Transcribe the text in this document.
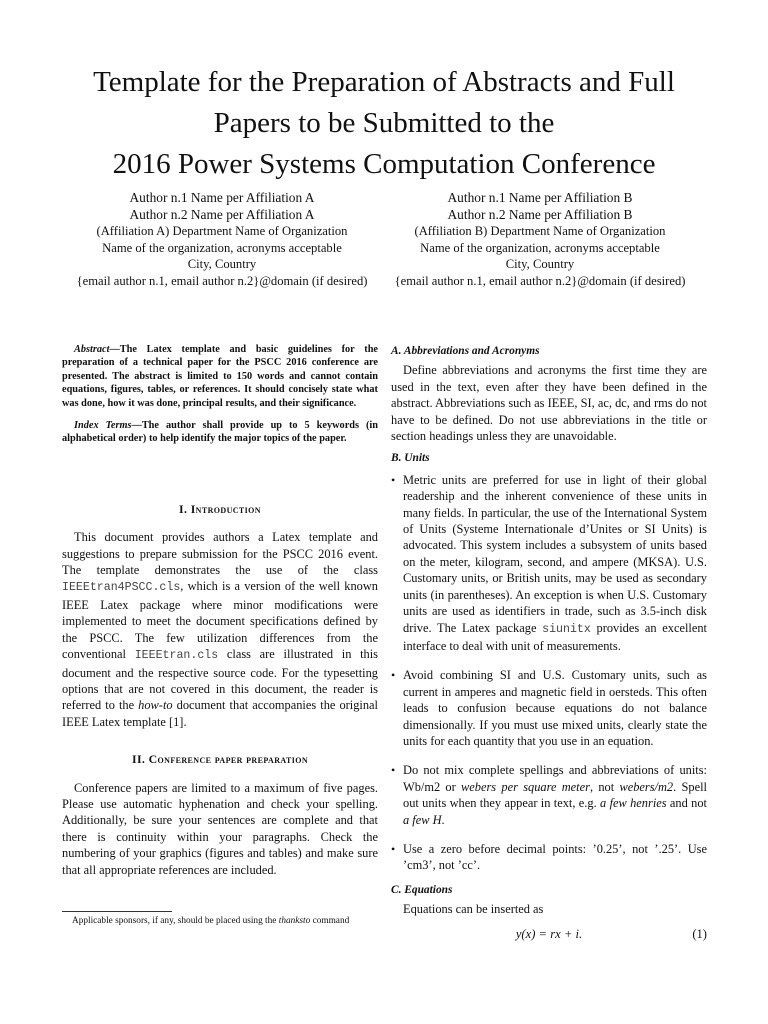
Template for the Preparation of Abstracts and Full
Papers to be Submitted to the
2016 Power Systems Computation Conference
Author n.1 Name per Affiliation A
Author n.2 Name per Affiliation A
(Affiliation A) Department Name of Organization
Name of the organization, acronyms acceptable
City, Country
{email author n.1, email author n.2}@domain (if desired)
Author n.1 Name per Affiliation B
Author n.2 Name per Affiliation B
(Affiliation B) Department Name of Organization
Name of the organization, acronyms acceptable
City, Country
{email author n.1, email author n.2}@domain (if desired)

Abstract—The Latex template and basic guidelines for the preparation of a technical paper for the PSCC 2016 conference are presented. The abstract is limited to 150 words and cannot contain equations, figures, tables, or references. It should concisely state what was done, how it was done, principal results, and their significance.

Index Terms—The author shall provide up to 5 keywords (in alphabetical order) to help identify the major topics of the paper.

I. Introduction

This document provides authors a Latex template and suggestions to prepare submission for the PSCC 2016 event. The template demonstrates the use of the class IEEEtran4PSCC.cls, which is a version of the well known IEEE Latex package where minor modifications were implemented to meet the document specifications defined by the PSCC. The few utilization differences from the conventional IEEEtran.cls class are illustrated in this document and the respective source code. For the typesetting options that are not covered in this document, the reader is referred to the how-to document that accompanies the original IEEE Latex template [1].

II. Conference paper preparation

Conference papers are limited to a maximum of five pages. Please use automatic hyphenation and check your spelling. Additionally, be sure your sentences are complete and that there is continuity within your paragraphs. Check the numbering of your graphics (figures and tables) and make sure that all appropriate references are included.

Applicable sponsors, if any, should be placed using the thanksto command
A. Abbreviations and Acronyms

Define abbreviations and acronyms the first time they are used in the text, even after they have been defined in the abstract. Abbreviations such as IEEE, SI, ac, dc, and rms do not have to be defined. Do not use abbreviations in the title or section headings unless they are unavoidable.

B. Units
• Metric units are preferred for use in light of their global readership and the inherent convenience of these units in many fields. In particular, the use of the International System of Units (Systeme Internationale d’Unites or SI Units) is advocated. This system includes a subsystem of units based on the meter, kilogram, second, and ampere (MKSA). U.S. Customary units, or British units, may be used as secondary units (in parentheses). An exception is when U.S. Customary units are used as identifiers in trade, such as 3.5-inch disk drive. The Latex package siunitx provides an excellent interface to deal with unit of measurements.
• Avoid combining SI and U.S. Customary units, such as current in amperes and magnetic field in oersteds. This often leads to confusion because equations do not balance dimensionally. If you must use mixed units, clearly state the units for each quantity that you use in an equation.
• Do not mix complete spellings and abbreviations of units: Wb/m2 or webers per square meter, not webers/m2. Spell out units when they appear in text, e.g. a few henries and not a few H.
• Use a zero before decimal points: ’0.25’, not ’.25’. Use ’cm3’, not ’cc’.
C. Equations

Equations can be inserted as

y(x) = rx + i.	(1)
